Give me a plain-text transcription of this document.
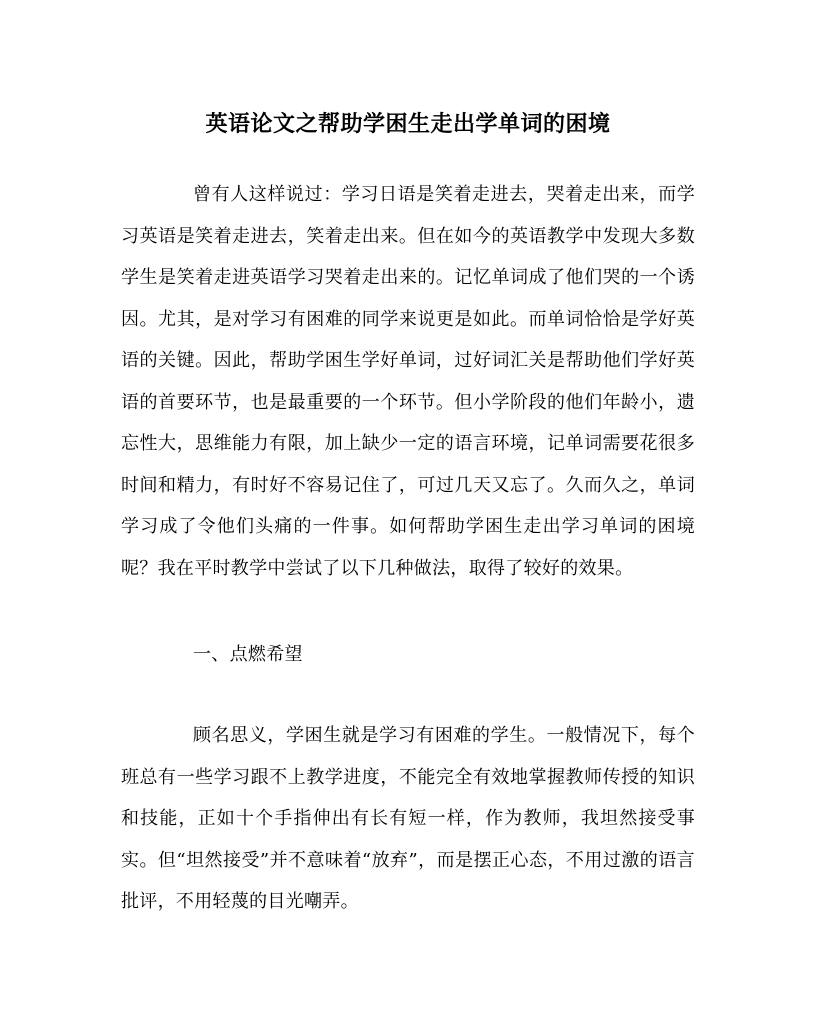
英语论文之帮助学困生走出学单词的困境

曾有人这样说过：学习日语是笑着走进去，哭着走出来，而学习英语是笑着走进去，笑着走出来。但在如今的英语教学中发现大多数学生是笑着走进英语学习哭着走出来的。记忆单词成了他们哭的一个诱因。尤其，是对学习有困难的同学来说更是如此。而单词恰恰是学好英语的关键。因此，帮助学困生学好单词，过好词汇关是帮助他们学好英语的首要环节，也是最重要的一个环节。但小学阶段的他们年龄小，遗忘性大，思维能力有限，加上缺少一定的语言环境，记单词需要花很多时间和精力，有时好不容易记住了，可过几天又忘了。久而久之，单词学习成了令他们头痛的一件事。如何帮助学困生走出学习单词的困境呢？我在平时教学中尝试了以下几种做法，取得了较好的效果。

一、点燃希望

顾名思义，学困生就是学习有困难的学生。一般情况下，每个班总有一些学习跟不上教学进度，不能完全有效地掌握教师传授的知识和技能，正如十个手指伸出有长有短一样，作为教师，我坦然接受事实。但“坦然接受”并不意味着“放弃”，而是摆正心态，不用过激的语言批评，不用轻蔑的目光嘲弄。
